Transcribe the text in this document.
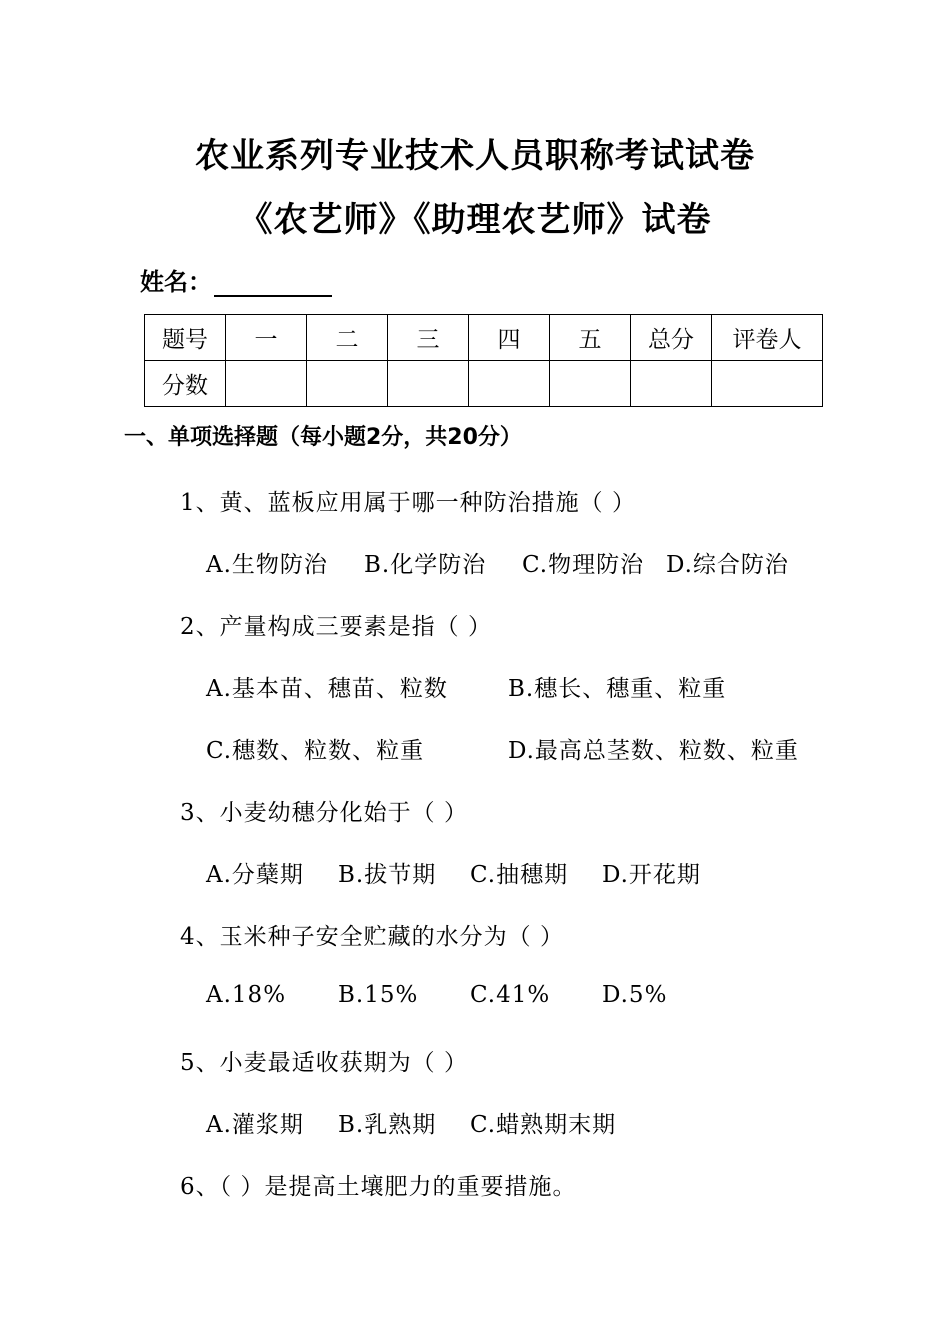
农业系列专业技术人员职称考试试卷
《农艺师》《助理农艺师》试卷
姓名：
题号	一	二	三	四	五	总分	评卷人
分数							
一、单项选择题（每小题2分，共20分）
1、黄、蓝板应用属于哪一种防治措施（ ）
A.生物防治 B.化学防治 C.物理防治 D.综合防治
2、产量构成三要素是指（ ）
A.基本苗、穗苗、粒数	B.穗长、穗重、粒重
C.穗数、粒数、粒重	D.最高总茎数、粒数、粒重
3、小麦幼穗分化始于（ ）
A.分蘖期 B.拔节期 C.抽穗期 D.开花期
4、玉米种子安全贮藏的水分为（ ）
A.18% B.15% C.41% D.5%
5、小麦最适收获期为（ ）
A.灌浆期 B.乳熟期 C.蜡熟期末期
6、（ ）是提高土壤肥力的重要措施。
